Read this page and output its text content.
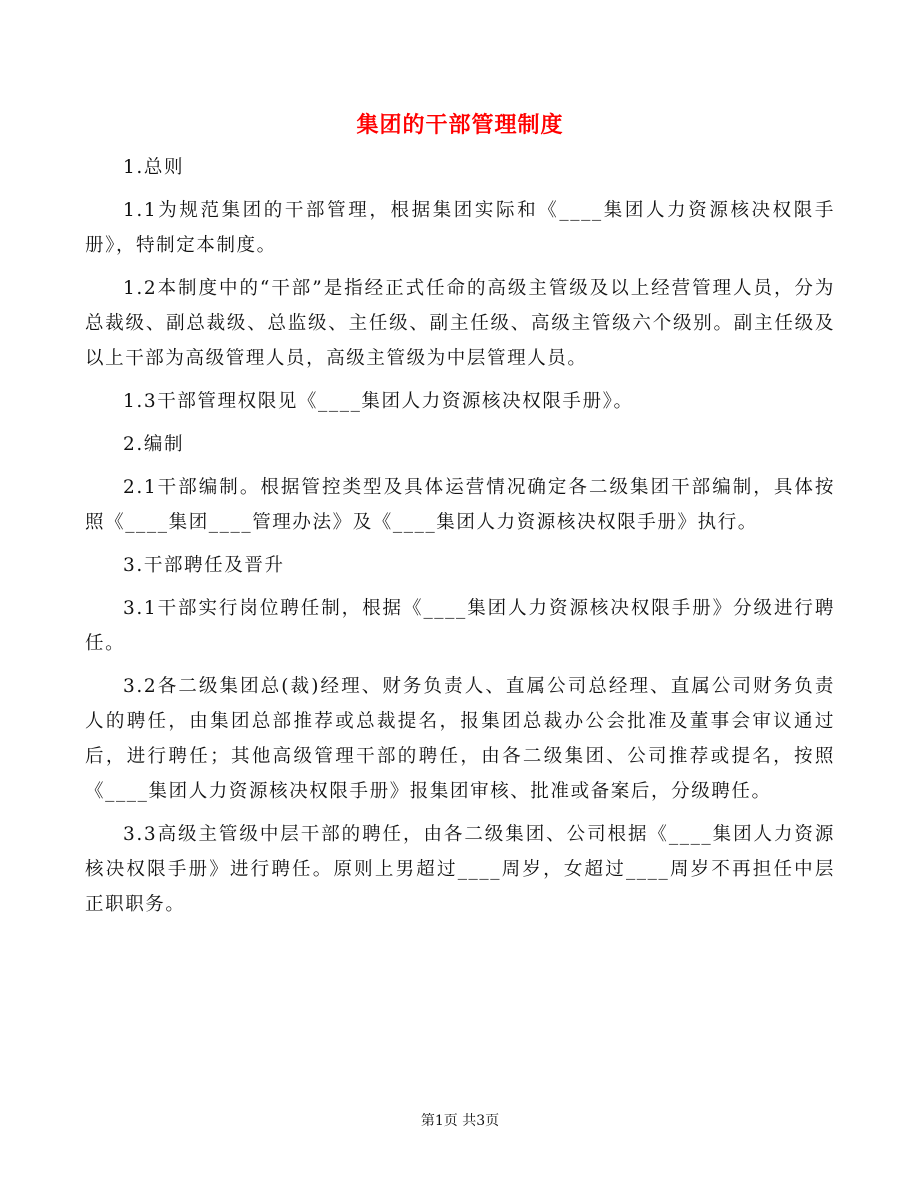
集团的干部管理制度

1.总则

1.1为规范集团的干部管理，根据集团实际和《____集团人力资源核决权限手册》，特制定本制度。

1.2本制度中的“干部”是指经正式任命的高级主管级及以上经营管理人员，分为总裁级、副总裁级、总监级、主任级、副主任级、高级主管级六个级别。副主任级及以上干部为高级管理人员，高级主管级为中层管理人员。

1.3干部管理权限见《____集团人力资源核决权限手册》。

2.编制

2.1干部编制。根据管控类型及具体运营情况确定各二级集团干部编制，具体按照《____集团____管理办法》及《____集团人力资源核决权限手册》执行。

3.干部聘任及晋升

3.1干部实行岗位聘任制，根据《____集团人力资源核决权限手册》分级进行聘任。

3.2各二级集团总(裁)经理、财务负责人、直属公司总经理、直属公司财务负责人的聘任，由集团总部推荐或总裁提名，报集团总裁办公会批准及董事会审议通过后，进行聘任；其他高级管理干部的聘任，由各二级集团、公司推荐或提名，按照《____集团人力资源核决权限手册》报集团审核、批准或备案后，分级聘任。

3.3高级主管级中层干部的聘任，由各二级集团、公司根据《____集团人力资源核决权限手册》进行聘任。原则上男超过____周岁，女超过____周岁不再担任中层正职职务。

第1页 共3页
